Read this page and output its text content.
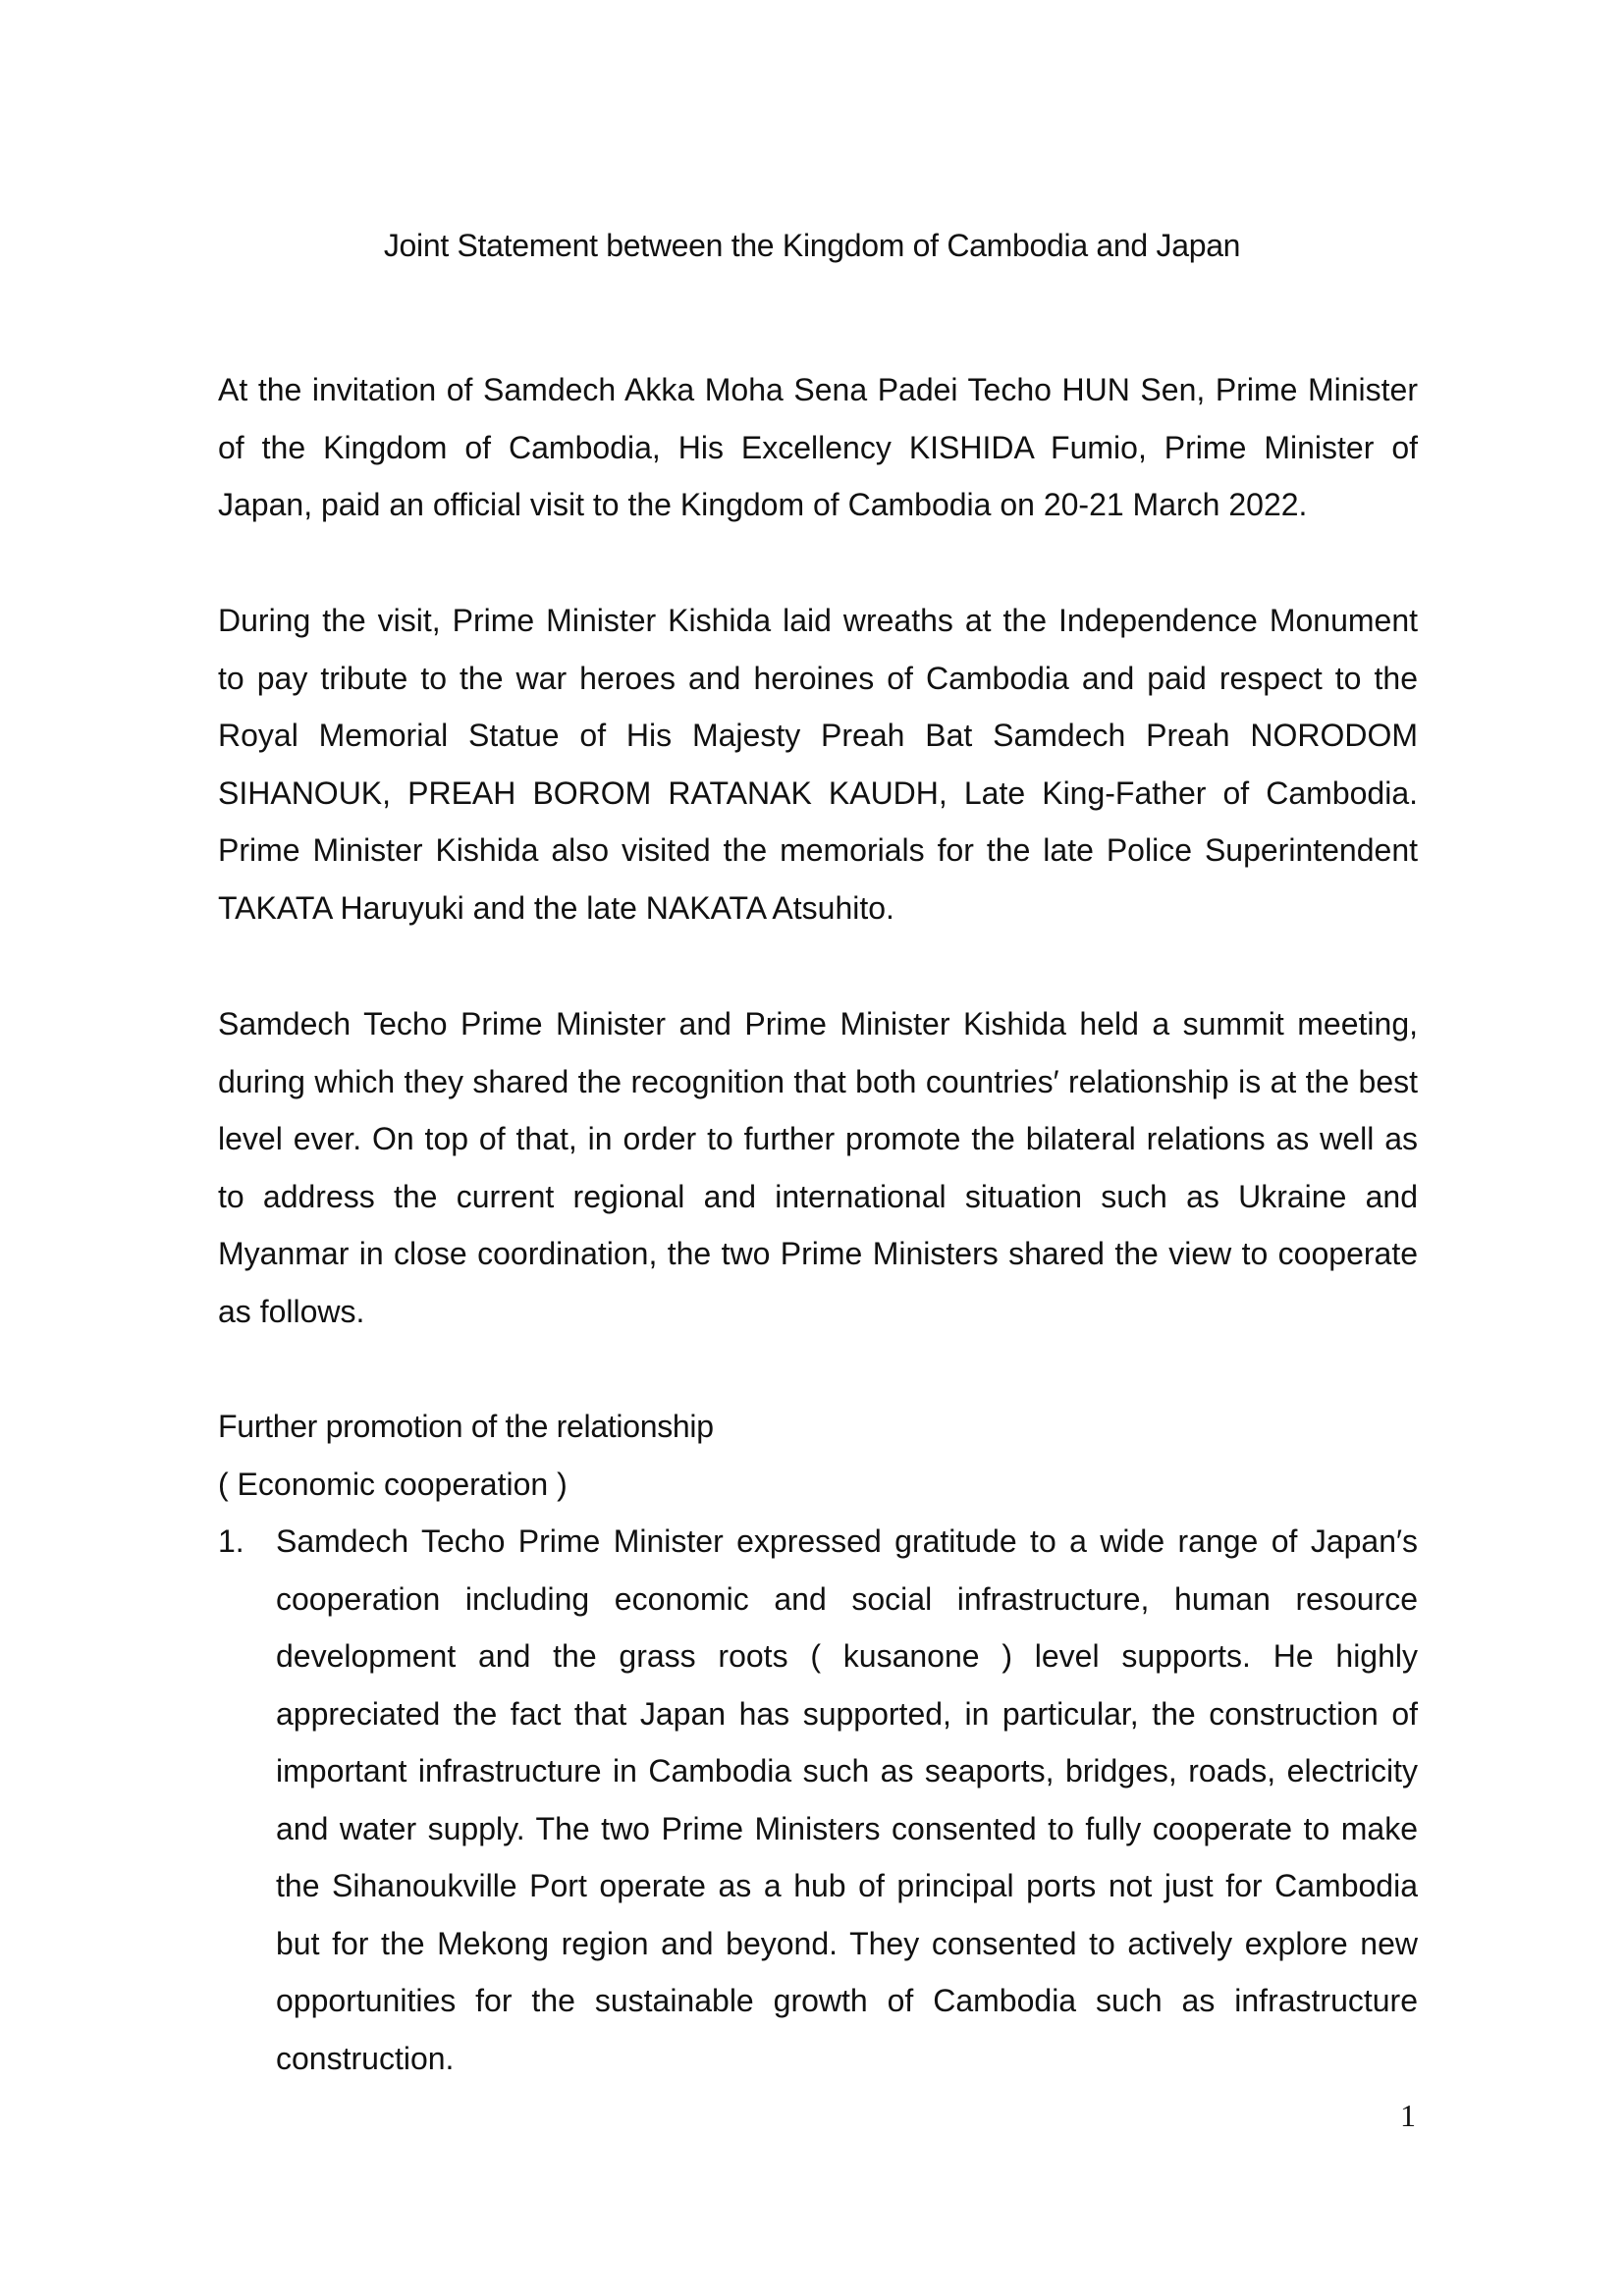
Joint Statement between the Kingdom of Cambodia and Japan

At the invitation of Samdech Akka Moha Sena Padei Techo HUN Sen, Prime Minister of the Kingdom of Cambodia, His Excellency KISHIDA Fumio, Prime Minister of Japan, paid an official visit to the Kingdom of Cambodia on 20-21 March 2022.

During the visit, Prime Minister Kishida laid wreaths at the Independence Monument to pay tribute to the war heroes and heroines of Cambodia and paid respect to the Royal Memorial Statue of His Majesty Preah Bat Samdech Preah NORODOM SIHANOUK, PREAH BOROM RATANAK KAUDH, Late King-Father of Cambodia. Prime Minister Kishida also visited the memorials for the late Police Superintendent TAKATA Haruyuki and the late NAKATA Atsuhito.

Samdech Techo Prime Minister and Prime Minister Kishida held a summit meeting, during which they shared the recognition that both countries′ relationship is at the best level ever. On top of that, in order to further promote the bilateral relations as well as to address the current regional and international situation such as Ukraine and Myanmar in close coordination, the two Prime Ministers shared the view to cooperate as follows.

Further promotion of the relationship
( Economic cooperation )
1. Samdech Techo Prime Minister expressed gratitude to a wide range of Japan′s cooperation including economic and social infrastructure, human resource development and the grass roots ( kusanone ) level supports. He highly appreciated the fact that Japan has supported, in particular, the construction of important infrastructure in Cambodia such as seaports, bridges, roads, electricity and water supply. The two Prime Ministers consented to fully cooperate to make the Sihanoukville Port operate as a hub of principal ports not just for Cambodia but for the Mekong region and beyond. They consented to actively explore new opportunities for the sustainable growth of Cambodia such as infrastructure construction.

1
